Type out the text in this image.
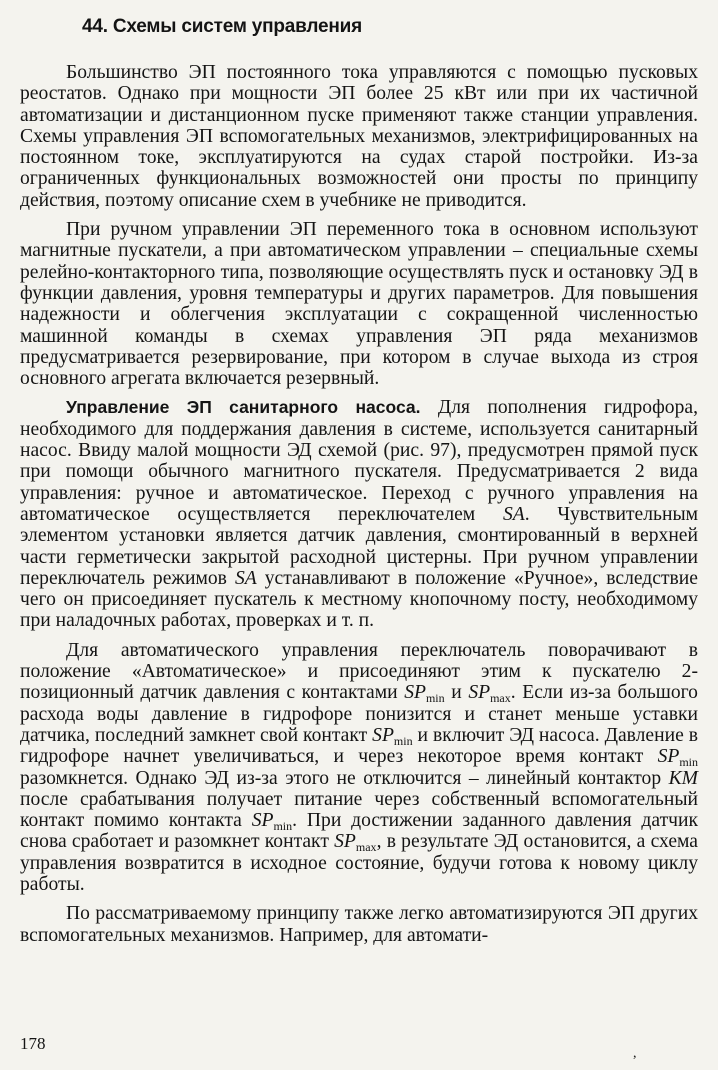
44. Схемы систем управления

Большинство ЭП постоянного тока управляются с помощью пусковых реостатов. Однако при мощности ЭП более 25 кВт или при их частичной автоматизации и дистанционном пуске применяют также станции управления. Схемы управления ЭП вспомогательных механизмов, электрифицированных на постоянном токе, эксплуатируются на судах старой постройки. Из-за ограниченных функциональных возможностей они просты по принципу действия, поэтому описание схем в учебнике не приводится.

При ручном управлении ЭП переменного тока в основном используют магнитные пускатели, а при автоматическом управлении – специальные схемы релейно-контакторного типа, позволяющие осуществлять пуск и остановку ЭД в функции давления, уровня температуры и других параметров. Для повышения надежности и облегчения эксплуатации с сокращенной численностью машинной команды в схемах управления ЭП ряда механизмов предусматривается резервирование, при котором в случае выхода из строя основного агрегата включается резервный.

Управление ЭП санитарного насоса. Для пополнения гидрофора, необходимого для поддержания давления в системе, используется санитарный насос. Ввиду малой мощности ЭД схемой (рис. 97), предусмотрен прямой пуск при помощи обычного магнитного пускателя. Предусматривается 2 вида управления: ручное и автоматическое. Переход с ручного управления на автоматическое осуществляется переключателем SA. Чувствительным элементом установки является датчик давления, смонтированный в верхней части герметически закрытой расходной цистерны. При ручном управлении переключатель режимов SA устанавливают в положение «Ручное», вследствие чего он присоединяет пускатель к местному кнопочному посту, необходимому при наладочных работах, проверках и т. п.

Для автоматического управления переключатель поворачивают в положение «Автоматическое» и присоединяют этим к пускателю 2-позиционный датчик давления с контактами $SP_{min}$ и $SP_{max}$. Если из-за большого расхода воды давление в гидрофоре понизится и станет меньше уставки датчика, последний замкнет свой контакт $SP_{min}$ и включит ЭД насоса. Давление в гидрофоре начнет увеличиваться, и через некоторое время контакт $SP_{min}$ разомкнется. Однако ЭД из-за этого не отключится – линейный контактор КМ после срабатывания получает питание через собственный вспомогательный контакт помимо контакта $SP_{min}$. При достижении заданного давления датчик снова сработает и разомкнет контакт $SP_{max}$, в результате ЭД остановится, а схема управления возвратится в исходное состояние, будучи готова к новому циклу работы.

По рассматриваемому принципу также легко автоматизируются ЭП других вспомогательных механизмов. Например, для автомати-

178
,
